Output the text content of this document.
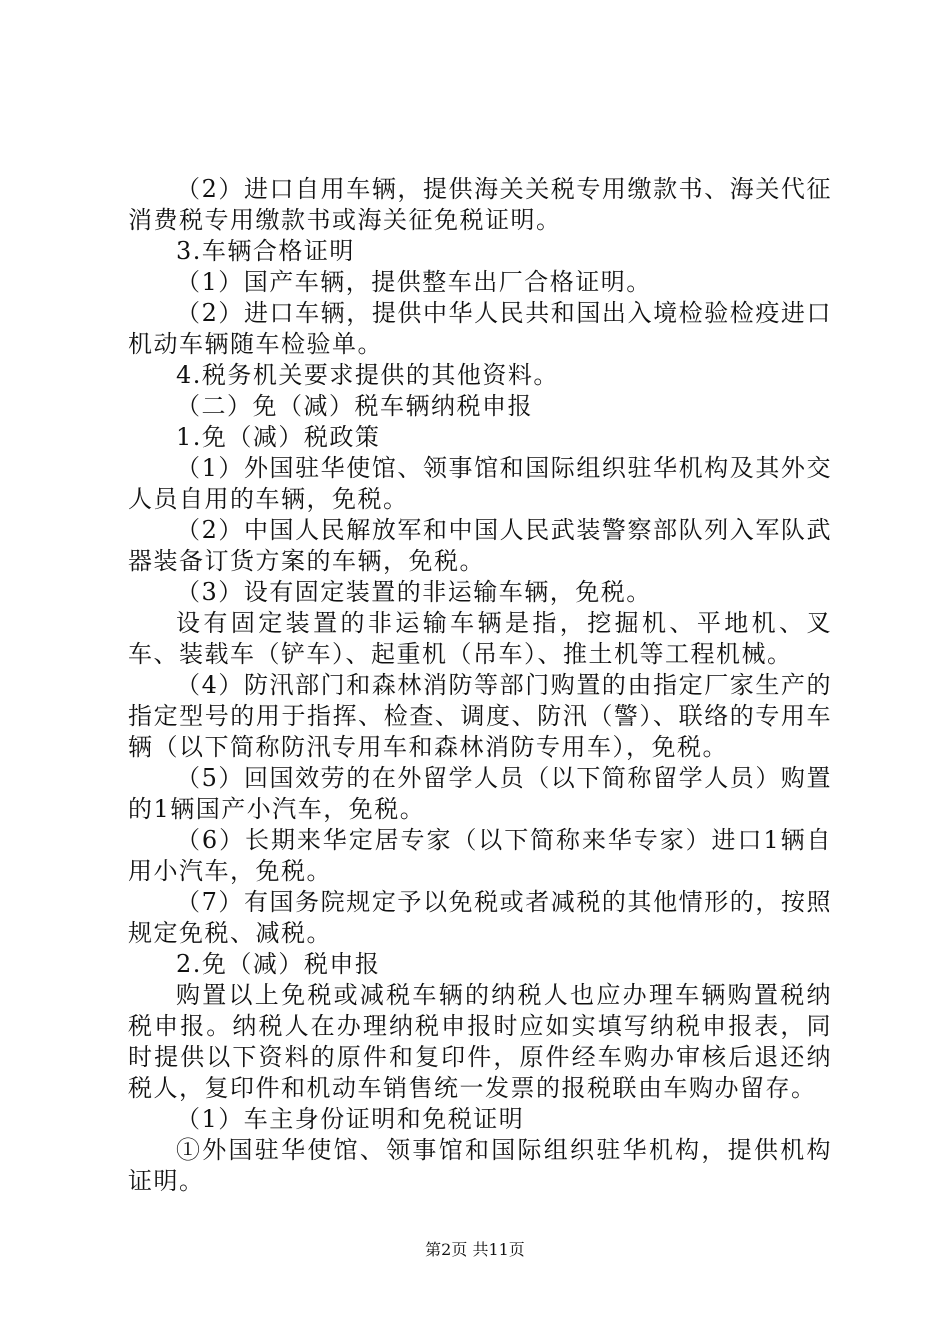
（2）进口自用车辆，提供海关关税专用缴款书、海关代征消费税专用缴款书或海关征免税证明。

3.车辆合格证明

（1）国产车辆，提供整车出厂合格证明。

（2）进口车辆，提供中华人民共和国出入境检验检疫进口机动车辆随车检验单。

4.税务机关要求提供的其他资料。

（二）免（减）税车辆纳税申报

1.免（减）税政策

（1）外国驻华使馆、领事馆和国际组织驻华机构及其外交人员自用的车辆，免税。

（2）中国人民解放军和中国人民武装警察部队列入军队武器装备订货方案的车辆，免税。

（3）设有固定装置的非运输车辆，免税。

设有固定装置的非运输车辆是指，挖掘机、平地机、叉车、装载车（铲车）、起重机（吊车）、推土机等工程机械。

（4）防汛部门和森林消防等部门购置的由指定厂家生产的指定型号的用于指挥、检查、调度、防汛（警）、联络的专用车辆（以下简称防汛专用车和森林消防专用车），免税。

（5）回国效劳的在外留学人员（以下简称留学人员）购置的1辆国产小汽车，免税。

（6）长期来华定居专家（以下简称来华专家）进口1辆自用小汽车，免税。

（7）有国务院规定予以免税或者减税的其他情形的，按照规定免税、减税。

2.免（减）税申报

购置以上免税或减税车辆的纳税人也应办理车辆购置税纳税申报。纳税人在办理纳税申报时应如实填写纳税申报表，同时提供以下资料的原件和复印件，原件经车购办审核后退还纳税人，复印件和机动车销售统一发票的报税联由车购办留存。

（1）车主身份证明和免税证明

①外国驻华使馆、领事馆和国际组织驻华机构，提供机构证明。

第2页 共11页
